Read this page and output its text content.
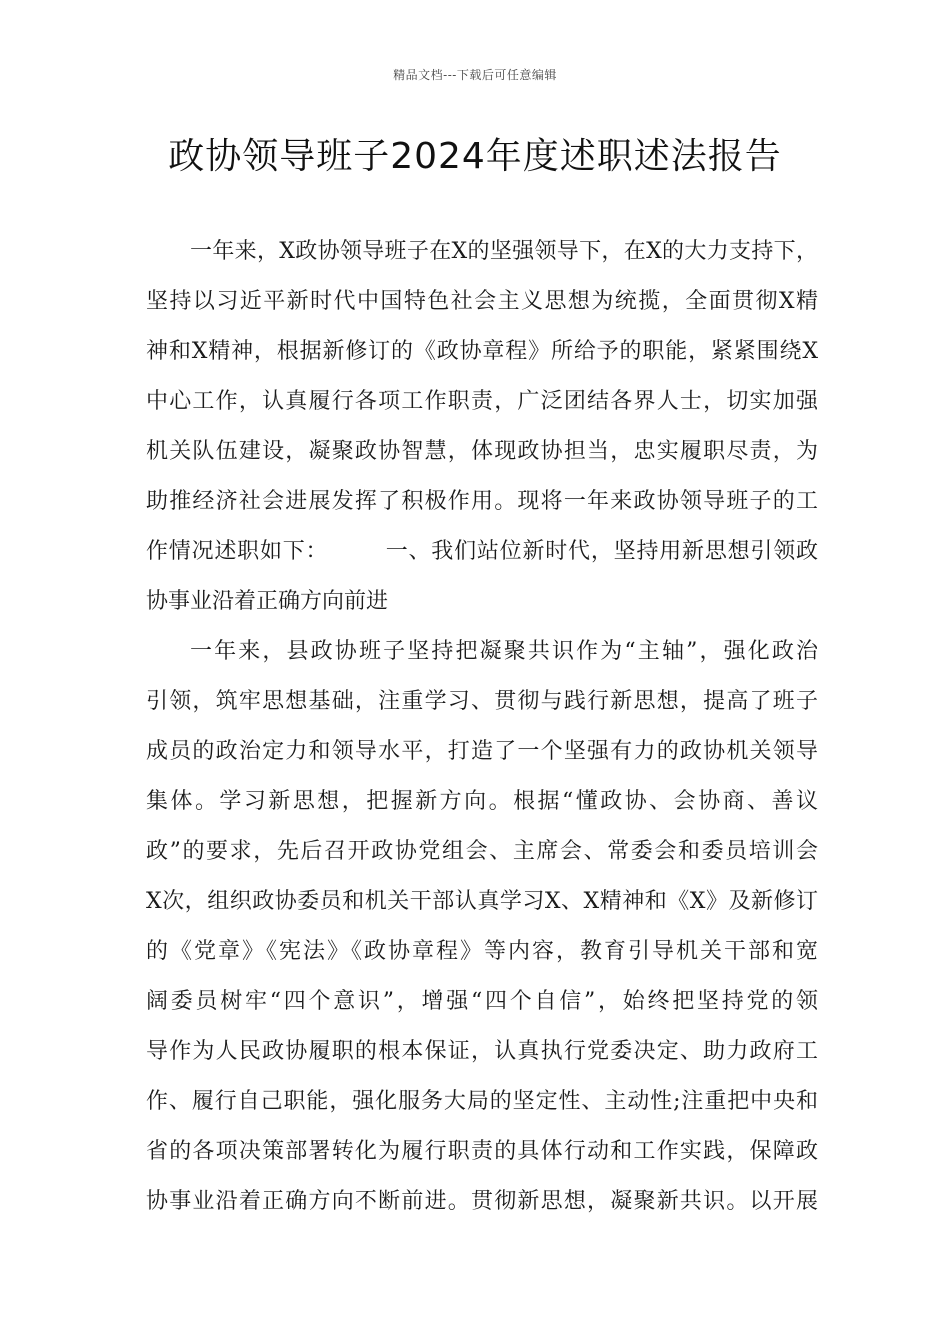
精品文档---下载后可任意编辑
政协领导班子2024年度述职述法报告
一年来，X政协领导班子在X的坚强领导下，在X的大力支持下，
坚持以习近平新时代中国特色社会主义思想为统揽，全面贯彻X精
神和X精神，根据新修订的《政协章程》所给予的职能，紧紧围绕X
中心工作，认真履行各项工作职责，广泛团结各界人士，切实加强
机关队伍建设，凝聚政协智慧，体现政协担当，忠实履职尽责，为
助推经济社会进展发挥了积极作用。现将一年来政协领导班子的工
作情况述职如下：　　　一、我们站位新时代，坚持用新思想引领政
协事业沿着正确方向前进
一年来，县政协班子坚持把凝聚共识作为“主轴”，强化政治
引领，筑牢思想基础，注重学习、贯彻与践行新思想，提高了班子
成员的政治定力和领导水平，打造了一个坚强有力的政协机关领导
集体。学习新思想，把握新方向。根据“懂政协、会协商、善议
政”的要求，先后召开政协党组会、主席会、常委会和委员培训会
X次，组织政协委员和机关干部认真学习X、X精神和《X》及新修订
的《党章》《宪法》《政协章程》等内容，教育引导机关干部和宽
阔委员树牢“四个意识”，增强“四个自信”，始终把坚持党的领
导作为人民政协履职的根本保证，认真执行党委决定、助力政府工
作、履行自己职能，强化服务大局的坚定性、主动性;注重把中央和
省的各项决策部署转化为履行职责的具体行动和工作实践，保障政
协事业沿着正确方向不断前进。贯彻新思想，凝聚新共识。以开展
